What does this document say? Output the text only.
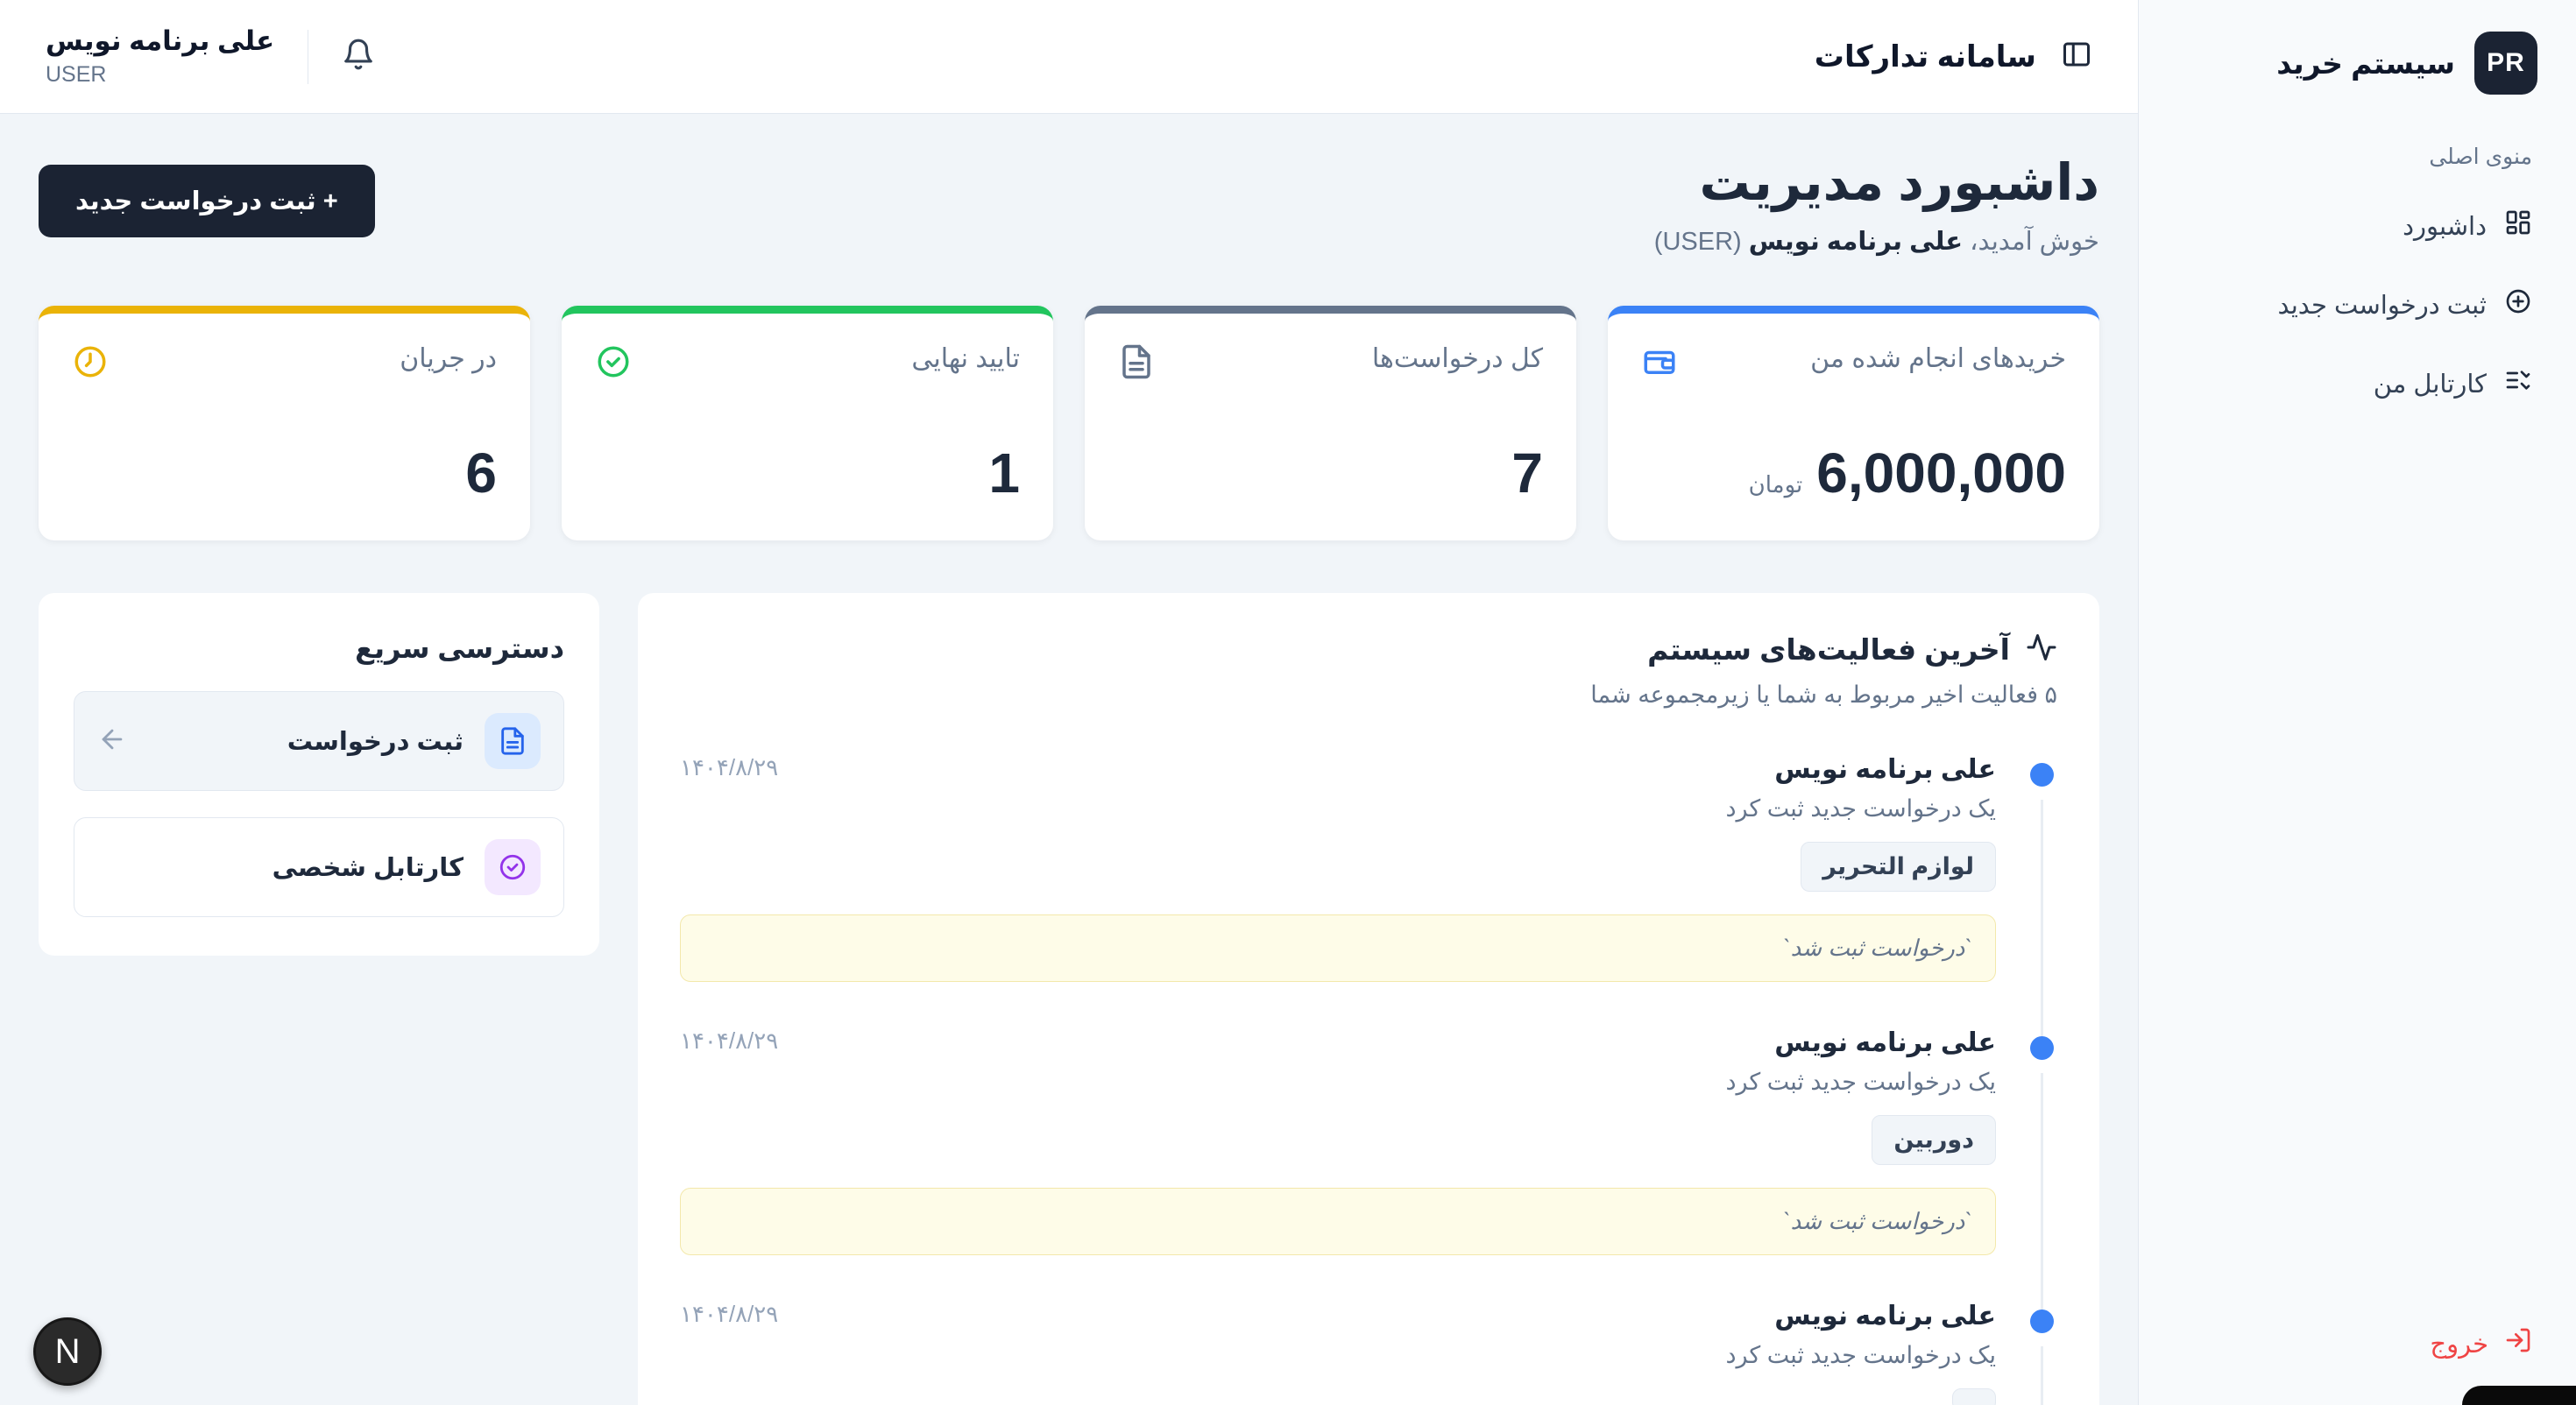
PR
سیستم خرید
منوی اصلی
داشبورد
ثبت درخواست جدید
کارتابل من
خروج
سامانه تدارکات
علی برنامه نویس
USER
داشبورد مدیریت
خوش آمدید، علی برنامه نویس (USER)
+ ثبت درخواست جدید
خریدهای انجام شده من
6,000,000
تومان
کل درخواست‌ها
7
تایید نهایی
1
در جریان
6
آخرین فعالیت‌های سیستم
۵ فعالیت اخیر مربوط به شما یا زیرمجموعه شما
علی برنامه نویس
یک درخواست جدید ثبت کرد
لوازم التحریر
۱۴۰۴/۸/۲۹
`درخواست ثبت شد`
علی برنامه نویس
یک درخواست جدید ثبت کرد
دوربین
۱۴۰۴/۸/۲۹
`درخواست ثبت شد`
علی برنامه نویس
یک درخواست جدید ثبت کرد
۱۴۰۴/۸/۲۹
دسترسی سریع
ثبت درخواست
کارتابل شخصی
N
